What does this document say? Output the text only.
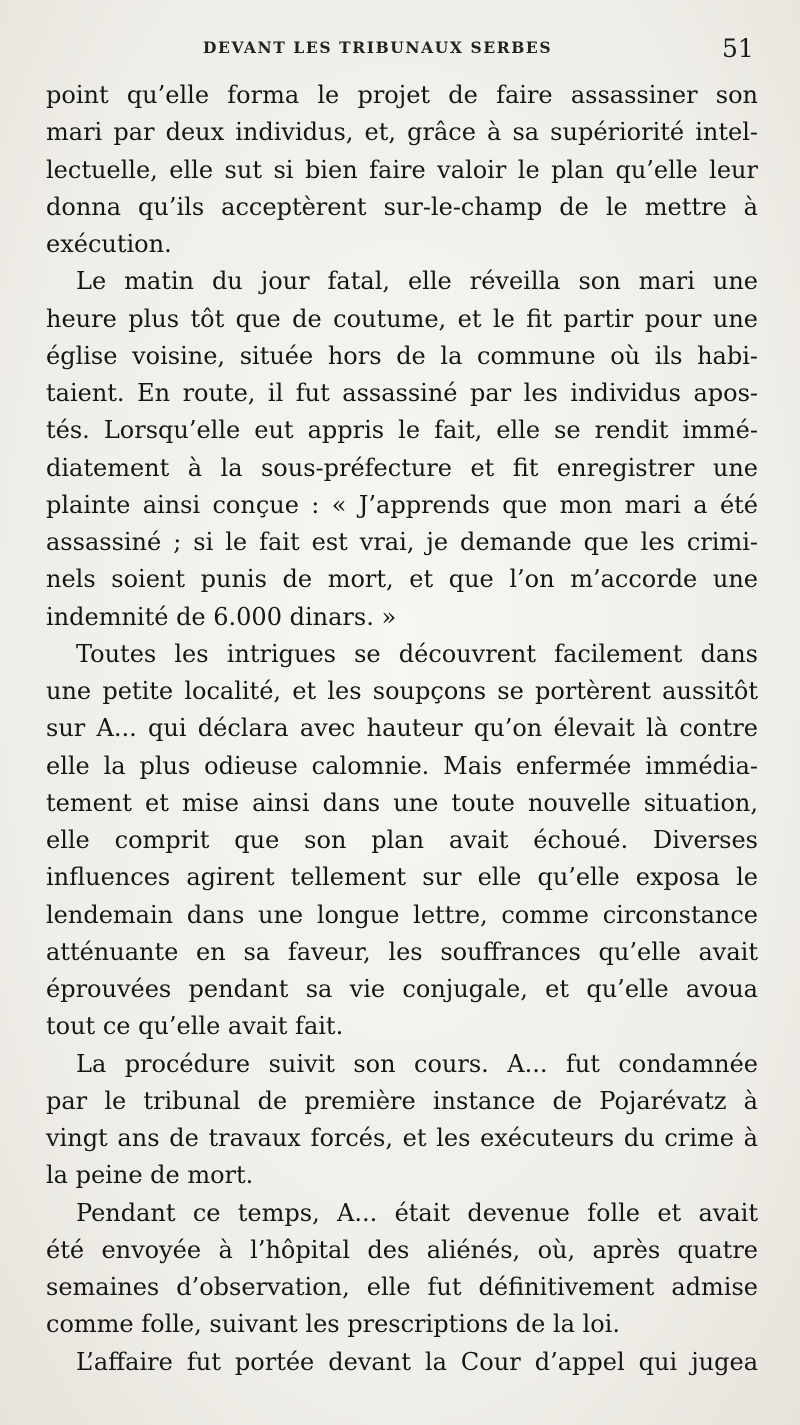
DEVANT LES TRIBUNAUX SERBES	51
point qu’elle forma le projet de faire assassiner son
mari par deux individus, et, grâce à sa supériorité intel-
lectuelle, elle sut si bien faire valoir le plan qu’elle leur
donna qu’ils acceptèrent sur-le-champ de le mettre à
exécution.
Le matin du jour fatal, elle réveilla son mari une
heure plus tôt que de coutume, et le fit partir pour une
église voisine, située hors de la commune où ils habi-
taient. En route, il fut assassiné par les individus apos-
tés. Lorsqu’elle eut appris le fait, elle se rendit immé-
diatement à la sous-préfecture et fit enregistrer une
plainte ainsi conçue : « J’apprends que mon mari a été
assassiné ; si le fait est vrai, je demande que les crimi-
nels soient punis de mort, et que l’on m’accorde une
indemnité de 6.000 dinars. »
Toutes les intrigues se découvrent facilement dans
une petite localité, et les soupçons se portèrent aussitôt
sur A... qui déclara avec hauteur qu’on élevait là contre
elle la plus odieuse calomnie. Mais enfermée immédia-
tement et mise ainsi dans une toute nouvelle situation,
elle comprit que son plan avait échoué. Diverses
influences agirent tellement sur elle qu’elle exposa le
lendemain dans une longue lettre, comme circonstance
atténuante en sa faveur, les souffrances qu’elle avait
éprouvées pendant sa vie conjugale, et qu’elle avoua
tout ce qu’elle avait fait.
La procédure suivit son cours. A... fut condamnée
par le tribunal de première instance de Pojarévatz à
vingt ans de travaux forcés, et les exécuteurs du crime à
la peine de mort.
Pendant ce temps, A... était devenue folle et avait
été envoyée à l’hôpital des aliénés, où, après quatre
semaines d’observation, elle fut définitivement admise
comme folle, suivant les prescriptions de la loi.
L’affaire fut portée devant la Cour d’appel qui jugea
